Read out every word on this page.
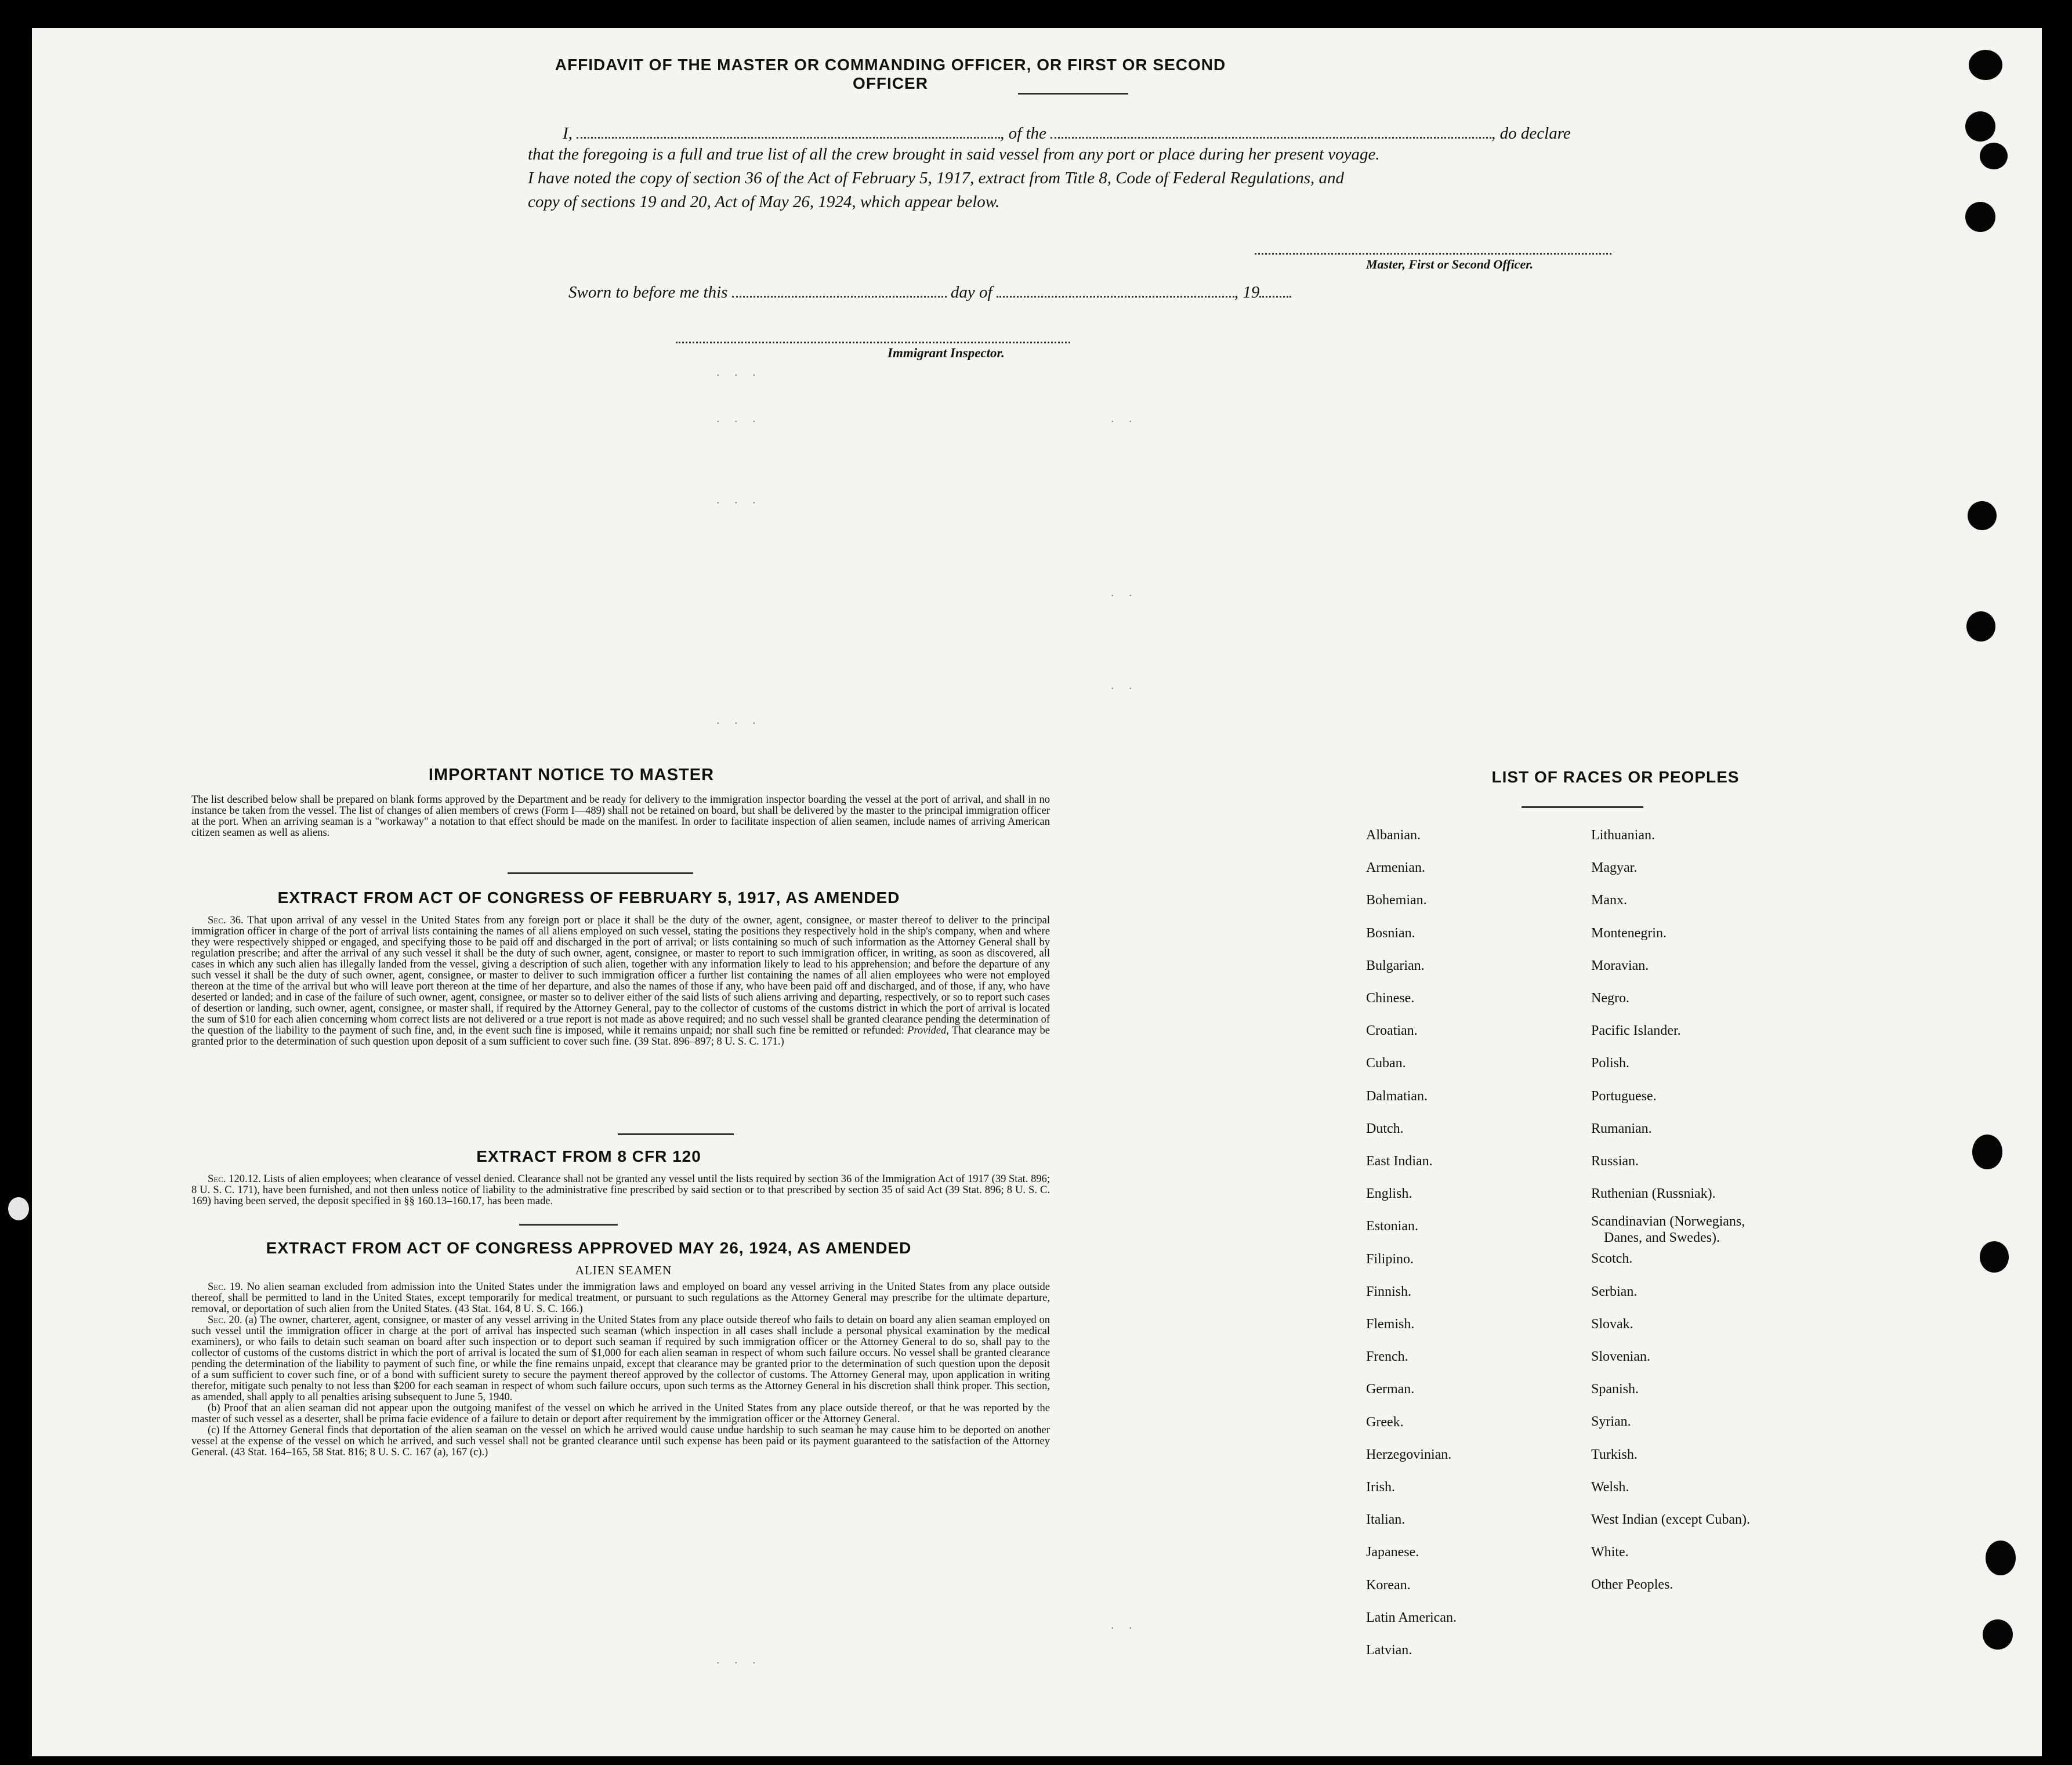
AFFIDAVIT OF THE MASTER OR COMMANDING OFFICER, OR FIRST OR SECOND OFFICER
I,	, of the	, do declare
that the foregoing is a full and true list of all the crew brought in said vessel from any port or place during her present voyage.
I have noted the copy of section 36 of the Act of February 5, 1917, extract from Title 8, Code of Federal Regulations, and
copy of sections 19 and 20, Act of May 26, 1924, which appear below.
Master, First or Second Officer.
Sworn to before me this	day of	, 19
Immigrant Inspector.
. . .
. . .
. . .
. . .
. .
. .
. .
. .
. . .
IMPORTANT NOTICE TO MASTER
The list described below shall be prepared on blank forms approved by the Department and be ready for delivery to the immigration inspector boarding the vessel at the port of arrival, and shall in no instance be taken from the vessel. The list of changes of alien members of crews (Form I—489) shall not be retained on board, but shall be delivered by the master to the principal immigration officer at the port. When an arriving seaman is a "workaway" a notation to that effect should be made on the manifest. In order to facilitate inspection of alien seamen, include names of arriving American citizen seamen as well as aliens.
EXTRACT FROM ACT OF CONGRESS OF FEBRUARY 5, 1917, AS AMENDED
Sec. 36. That upon arrival of any vessel in the United States from any foreign port or place it shall be the duty of the owner, agent, consignee, or master thereof to deliver to the principal immigration officer in charge of the port of arrival lists containing the names of all aliens employed on such vessel, stating the positions they respectively hold in the ship's company, when and where they were respectively shipped or engaged, and specifying those to be paid off and discharged in the port of arrival; or lists containing so much of such information as the Attorney General shall by regulation prescribe; and after the arrival of any such vessel it shall be the duty of such owner, agent, consignee, or master to report to such immigration officer, in writing, as soon as discovered, all cases in which any such alien has illegally landed from the vessel, giving a description of such alien, together with any information likely to lead to his apprehension; and before the departure of any such vessel it shall be the duty of such owner, agent, consignee, or master to deliver to such immigration officer a further list containing the names of all alien employees who were not employed thereon at the time of the arrival but who will leave port thereon at the time of her departure, and also the names of those if any, who have been paid off and discharged, and of those, if any, who have deserted or landed; and in case of the failure of such owner, agent, consignee, or master so to deliver either of the said lists of such aliens arriving and departing, respectively, or so to report such cases of desertion or landing, such owner, agent, consignee, or master shall, if required by the Attorney General, pay to the collector of customs of the customs district in which the port of arrival is located the sum of $10 for each alien concerning whom correct lists are not delivered or a true report is not made as above required; and no such vessel shall be granted clearance pending the determination of the question of the liability to the payment of such fine, and, in the event such fine is imposed, while it remains unpaid; nor shall such fine be remitted or refunded: Provided, That clearance may be granted prior to the determination of such question upon deposit of a sum sufficient to cover such fine. (39 Stat. 896–897; 8 U. S. C. 171.)
EXTRACT FROM 8 CFR 120
Sec. 120.12. Lists of alien employees; when clearance of vessel denied. Clearance shall not be granted any vessel until the lists required by section 36 of the Immigration Act of 1917 (39 Stat. 896; 8 U. S. C. 171), have been furnished, and not then unless notice of liability to the administrative fine prescribed by said section or to that prescribed by section 35 of said Act (39 Stat. 896; 8 U. S. C. 169) having been served, the deposit specified in §§ 160.13–160.17, has been made.
EXTRACT FROM ACT OF CONGRESS APPROVED MAY 26, 1924, AS AMENDED
ALIEN SEAMEN
Sec. 19. No alien seaman excluded from admission into the United States under the immigration laws and employed on board any vessel arriving in the United States from any place outside thereof, shall be permitted to land in the United States, except temporarily for medical treatment, or pursuant to such regulations as the Attorney General may prescribe for the ultimate departure, removal, or deportation of such alien from the United States. (43 Stat. 164, 8 U. S. C. 166.)
Sec. 20. (a) The owner, charterer, agent, consignee, or master of any vessel arriving in the United States from any place outside thereof who fails to detain on board any alien seaman employed on such vessel until the immigration officer in charge at the port of arrival has inspected such seaman (which inspection in all cases shall include a personal physical examination by the medical examiners), or who fails to detain such seaman on board after such inspection or to deport such seaman if required by such immigration officer or the Attorney General to do so, shall pay to the collector of customs of the customs district in which the port of arrival is located the sum of $1,000 for each alien seaman in respect of whom such failure occurs. No vessel shall be granted clearance pending the determination of the liability to payment of such fine, or while the fine remains unpaid, except that clearance may be granted prior to the determination of such question upon the deposit of a sum sufficient to cover such fine, or of a bond with sufficient surety to secure the payment thereof approved by the collector of customs. The Attorney General may, upon application in writing therefor, mitigate such penalty to not less than $200 for each seaman in respect of whom such failure occurs, upon such terms as the Attorney General in his discretion shall think proper. This section, as amended, shall apply to all penalties arising subsequent to June 5, 1940.
(b) Proof that an alien seaman did not appear upon the outgoing manifest of the vessel on which he arrived in the United States from any place outside thereof, or that he was reported by the master of such vessel as a deserter, shall be prima facie evidence of a failure to detain or deport after requirement by the immigration officer or the Attorney General.
(c) If the Attorney General finds that deportation of the alien seaman on the vessel on which he arrived would cause undue hardship to such seaman he may cause him to be deported on another vessel at the expense of the vessel on which he arrived, and such vessel shall not be granted clearance until such expense has been paid or its payment guaranteed to the satisfaction of the Attorney General. (43 Stat. 164–165, 58 Stat. 816; 8 U. S. C. 167 (a), 167 (c).)
LIST OF RACES OR PEOPLES
Albanian.
Armenian.
Bohemian.
Bosnian.
Bulgarian.
Chinese.
Croatian.
Cuban.
Dalmatian.
Dutch.
East Indian.
English.
Estonian.
Filipino.
Finnish.
Flemish.
French.
German.
Greek.
Herzegovinian.
Irish.
Italian.
Japanese.
Korean.
Latin American.
Latvian.
Lithuanian.
Magyar.
Manx.
Montenegrin.
Moravian.
Negro.
Pacific Islander.
Polish.
Portuguese.
Rumanian.
Russian.
Ruthenian (Russniak).
Scandinavian (Norwegians,
Danes, and Swedes).
Scotch.
Serbian.
Slovak.
Slovenian.
Spanish.
Syrian.
Turkish.
Welsh.
West Indian (except Cuban).
White.
Other Peoples.
